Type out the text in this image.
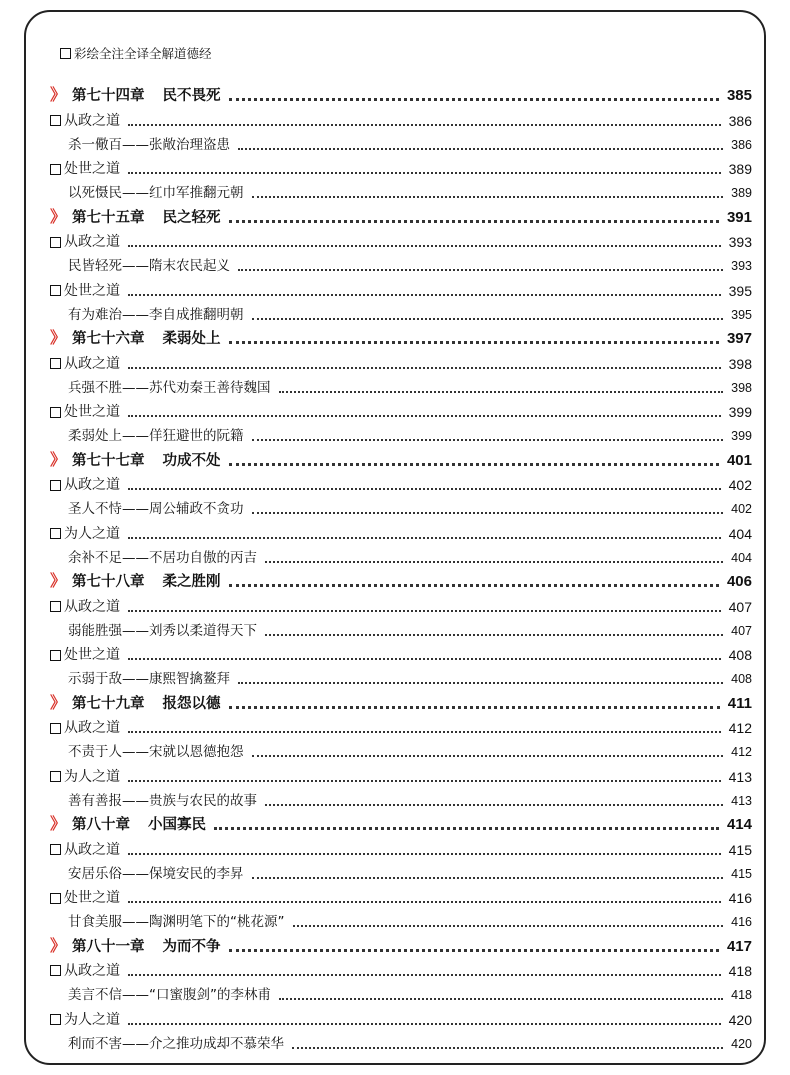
彩绘全注全译全解道德经
》 第七十四章 民不畏死	385
从政之道	386
杀一儆百——张敞治理盗患	386
处世之道	389
以死慑民——红巾军推翻元朝	389
》 第七十五章 民之轻死	391
从政之道	393
民皆轻死——隋末农民起义	393
处世之道	395
有为难治——李自成推翻明朝	395
》 第七十六章 柔弱处上	397
从政之道	398
兵强不胜——苏代劝秦王善待魏国	398
处世之道	399
柔弱处上——佯狂避世的阮籍	399
》 第七十七章 功成不处	401
从政之道	402
圣人不恃——周公辅政不贪功	402
为人之道	404
余补不足——不居功自傲的丙吉	404
》 第七十八章 柔之胜刚	406
从政之道	407
弱能胜强——刘秀以柔道得天下	407
处世之道	408
示弱于敌——康熙智擒鳌拜	408
》 第七十九章 报怨以德	411
从政之道	412
不责于人——宋就以恩德抱怨	412
为人之道	413
善有善报——贵族与农民的故事	413
》 第八十章 小国寡民	414
从政之道	415
安居乐俗——保境安民的李昇	415
处世之道	416
甘食美服——陶渊明笔下的“桃花源”	416
》 第八十一章 为而不争	417
从政之道	418
美言不信——“口蜜腹剑”的李林甫	418
为人之道	420
利而不害——介之推功成却不慕荣华	420
